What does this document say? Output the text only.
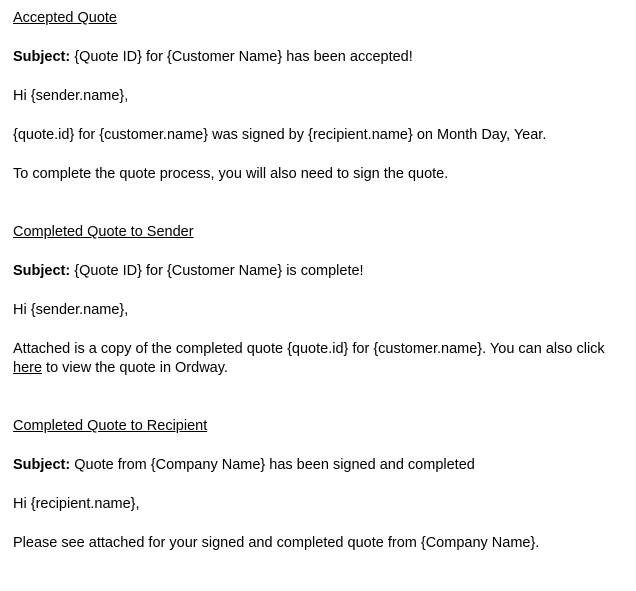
Accepted Quote

Subject: {Quote ID} for {Customer Name} has been accepted!

Hi {sender.name},

{quote.id} for {customer.name} was signed by {recipient.name} on Month Day, Year.

To complete the quote process, you will also need to sign the quote.

Completed Quote to Sender

Subject: {Quote ID} for {Customer Name} is complete!

Hi {sender.name},

Attached is a copy of the completed quote {quote.id} for {customer.name}. You can also click here to view the quote in Ordway.

Completed Quote to Recipient

Subject: Quote from {Company Name} has been signed and completed

Hi {recipient.name},

Please see attached for your signed and completed quote from {Company Name}.
